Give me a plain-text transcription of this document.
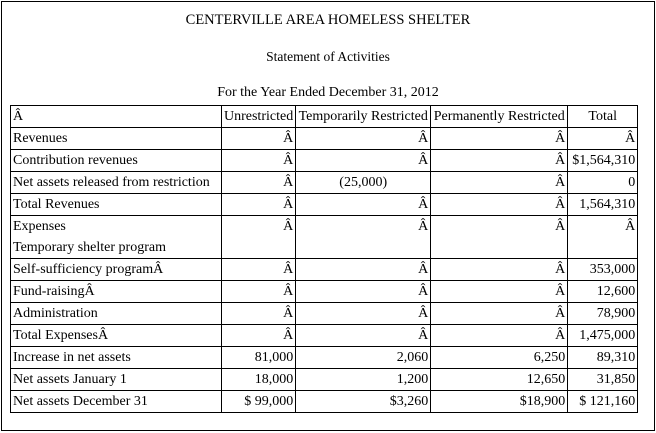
CENTERVILLE AREA HOMELESS SHELTER
Statement of Activities
For the Year Ended December 31, 2012
Â	Unrestricted	Temporarily Restricted	Permanently Restricted	Total
Revenues	Â	Â	Â	Â
Contribution revenues	Â	Â	Â	$1,564,310
Net assets released from restriction	Â	(25,000)	Â	0
Total Revenues	Â	Â	Â	1,564,310
Expenses
Temporary shelter program	Â	Â	Â	Â
Self-sufficiency programÂ	Â	Â	Â	353,000
Fund-raisingÂ	Â	Â	Â	12,600
Administration	Â	Â	Â	78,900
Total ExpensesÂ	Â	Â	Â	1,475,000
Increase in net assets	81,000	2,060	6,250	89,310
Net assets January 1	18,000	1,200	12,650	31,850
Net assets December 31	$ 99,000	$3,260	$18,900	$ 121,160
